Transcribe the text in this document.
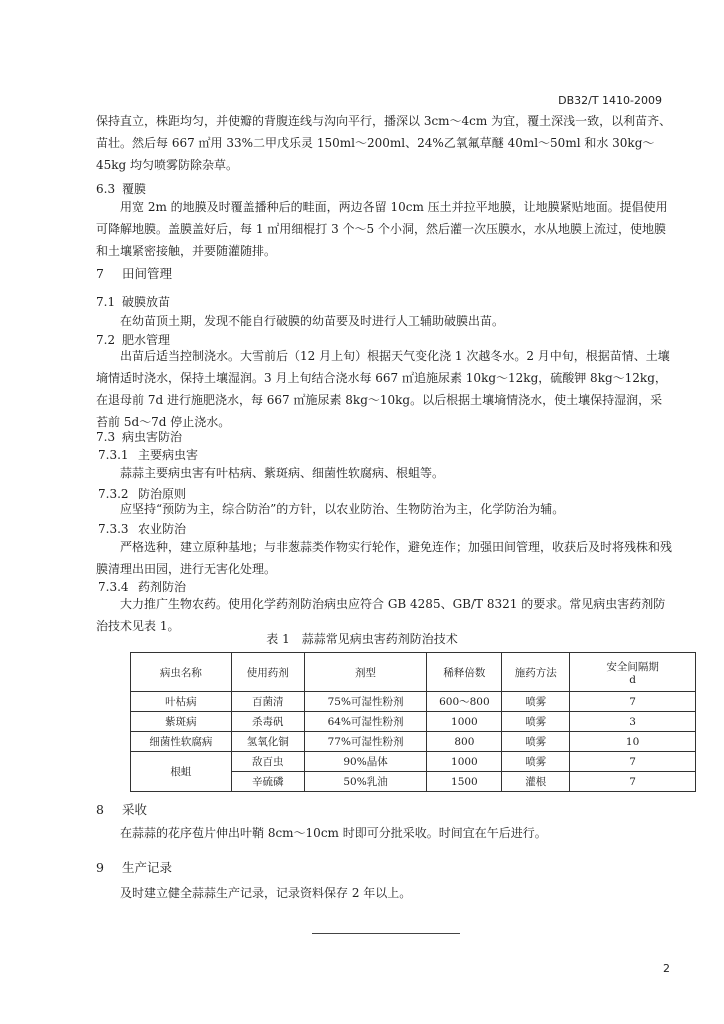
DB32/T 1410-2009

保持直立，株距均匀，并使瓣的背腹连线与沟向平行，播深以 3cm～4cm 为宜，覆土深浅一致，以利苗齐、苗壮。然后每 667 ㎡用 33%二甲戊乐灵 150ml～200ml、24%乙氧氟草醚 40ml～50ml 和水 30kg～45kg 均匀喷雾防除杂草。

6.3 覆膜

用宽 2m 的地膜及时覆盖播种后的畦面，两边各留 10cm 压土并拉平地膜，让地膜紧贴地面。提倡使用可降解地膜。盖膜盖好后，每 1 ㎡用细棍打 3 个～5 个小洞，然后灌一次压膜水，水从地膜上流过，使地膜和土壤紧密接触，并要随灌随排。

7 田间管理
7.1 破膜放苗

在幼苗顶土期，发现不能自行破膜的幼苗要及时进行人工辅助破膜出苗。

7.2 肥水管理

出苗后适当控制浇水。大雪前后（12 月上旬）根据天气变化浇 1 次越冬水。2 月中旬，根据苗情、土壤墒情适时浇水，保持土壤湿润。3 月上旬结合浇水每 667 ㎡追施尿素 10kg～12kg，硫酸钾 8kg～12kg，在退母前 7d 进行施肥浇水，每 667 ㎡施尿素 8kg～10kg。以后根据土壤墒情浇水，使土壤保持湿润，采苔前 5d～7d 停止浇水。

7.3 病虫害防治
7.3.1 主要病虫害

蒜蒜主要病虫害有叶枯病、紫斑病、细菌性软腐病、根蛆等。

7.3.2 防治原则

应坚持“预防为主，综合防治”的方针，以农业防治、生物防治为主，化学防治为辅。

7.3.3 农业防治

严格选种，建立原种基地；与非葱蒜类作物实行轮作，避免连作；加强田间管理，收获后及时将残株和残膜清理出田园，进行无害化处理。

7.3.4 药剂防治

大力推广生物农药。使用化学药剂防治病虫应符合 GB 4285、GB/T 8321 的要求。常见病虫害药剂防治技术见表 1。

表 1　蒜蒜常见病虫害药剂防治技术
病虫名称	使用药剂	剂型	稀释倍数	施药方法	安全间隔期
d

叶枯病	百菌清	75%可湿性粉剂	600～800	喷雾	7
紫斑病	杀毒矾	64%可湿性粉剂	1000	喷雾	3
细菌性软腐病	氢氧化铜	77%可湿性粉剂	800	喷雾	10
根蛆	敌百虫	90%晶体	1000	喷雾	7
	辛硫磷	50%乳油	1500	灌根	7
8 采收

在蒜蒜的花序苞片伸出叶鞘 8cm～10cm 时即可分批采收。时间宜在午后进行。

9 生产记录

及时建立健全蒜蒜生产记录，记录资料保存 2 年以上。

2
